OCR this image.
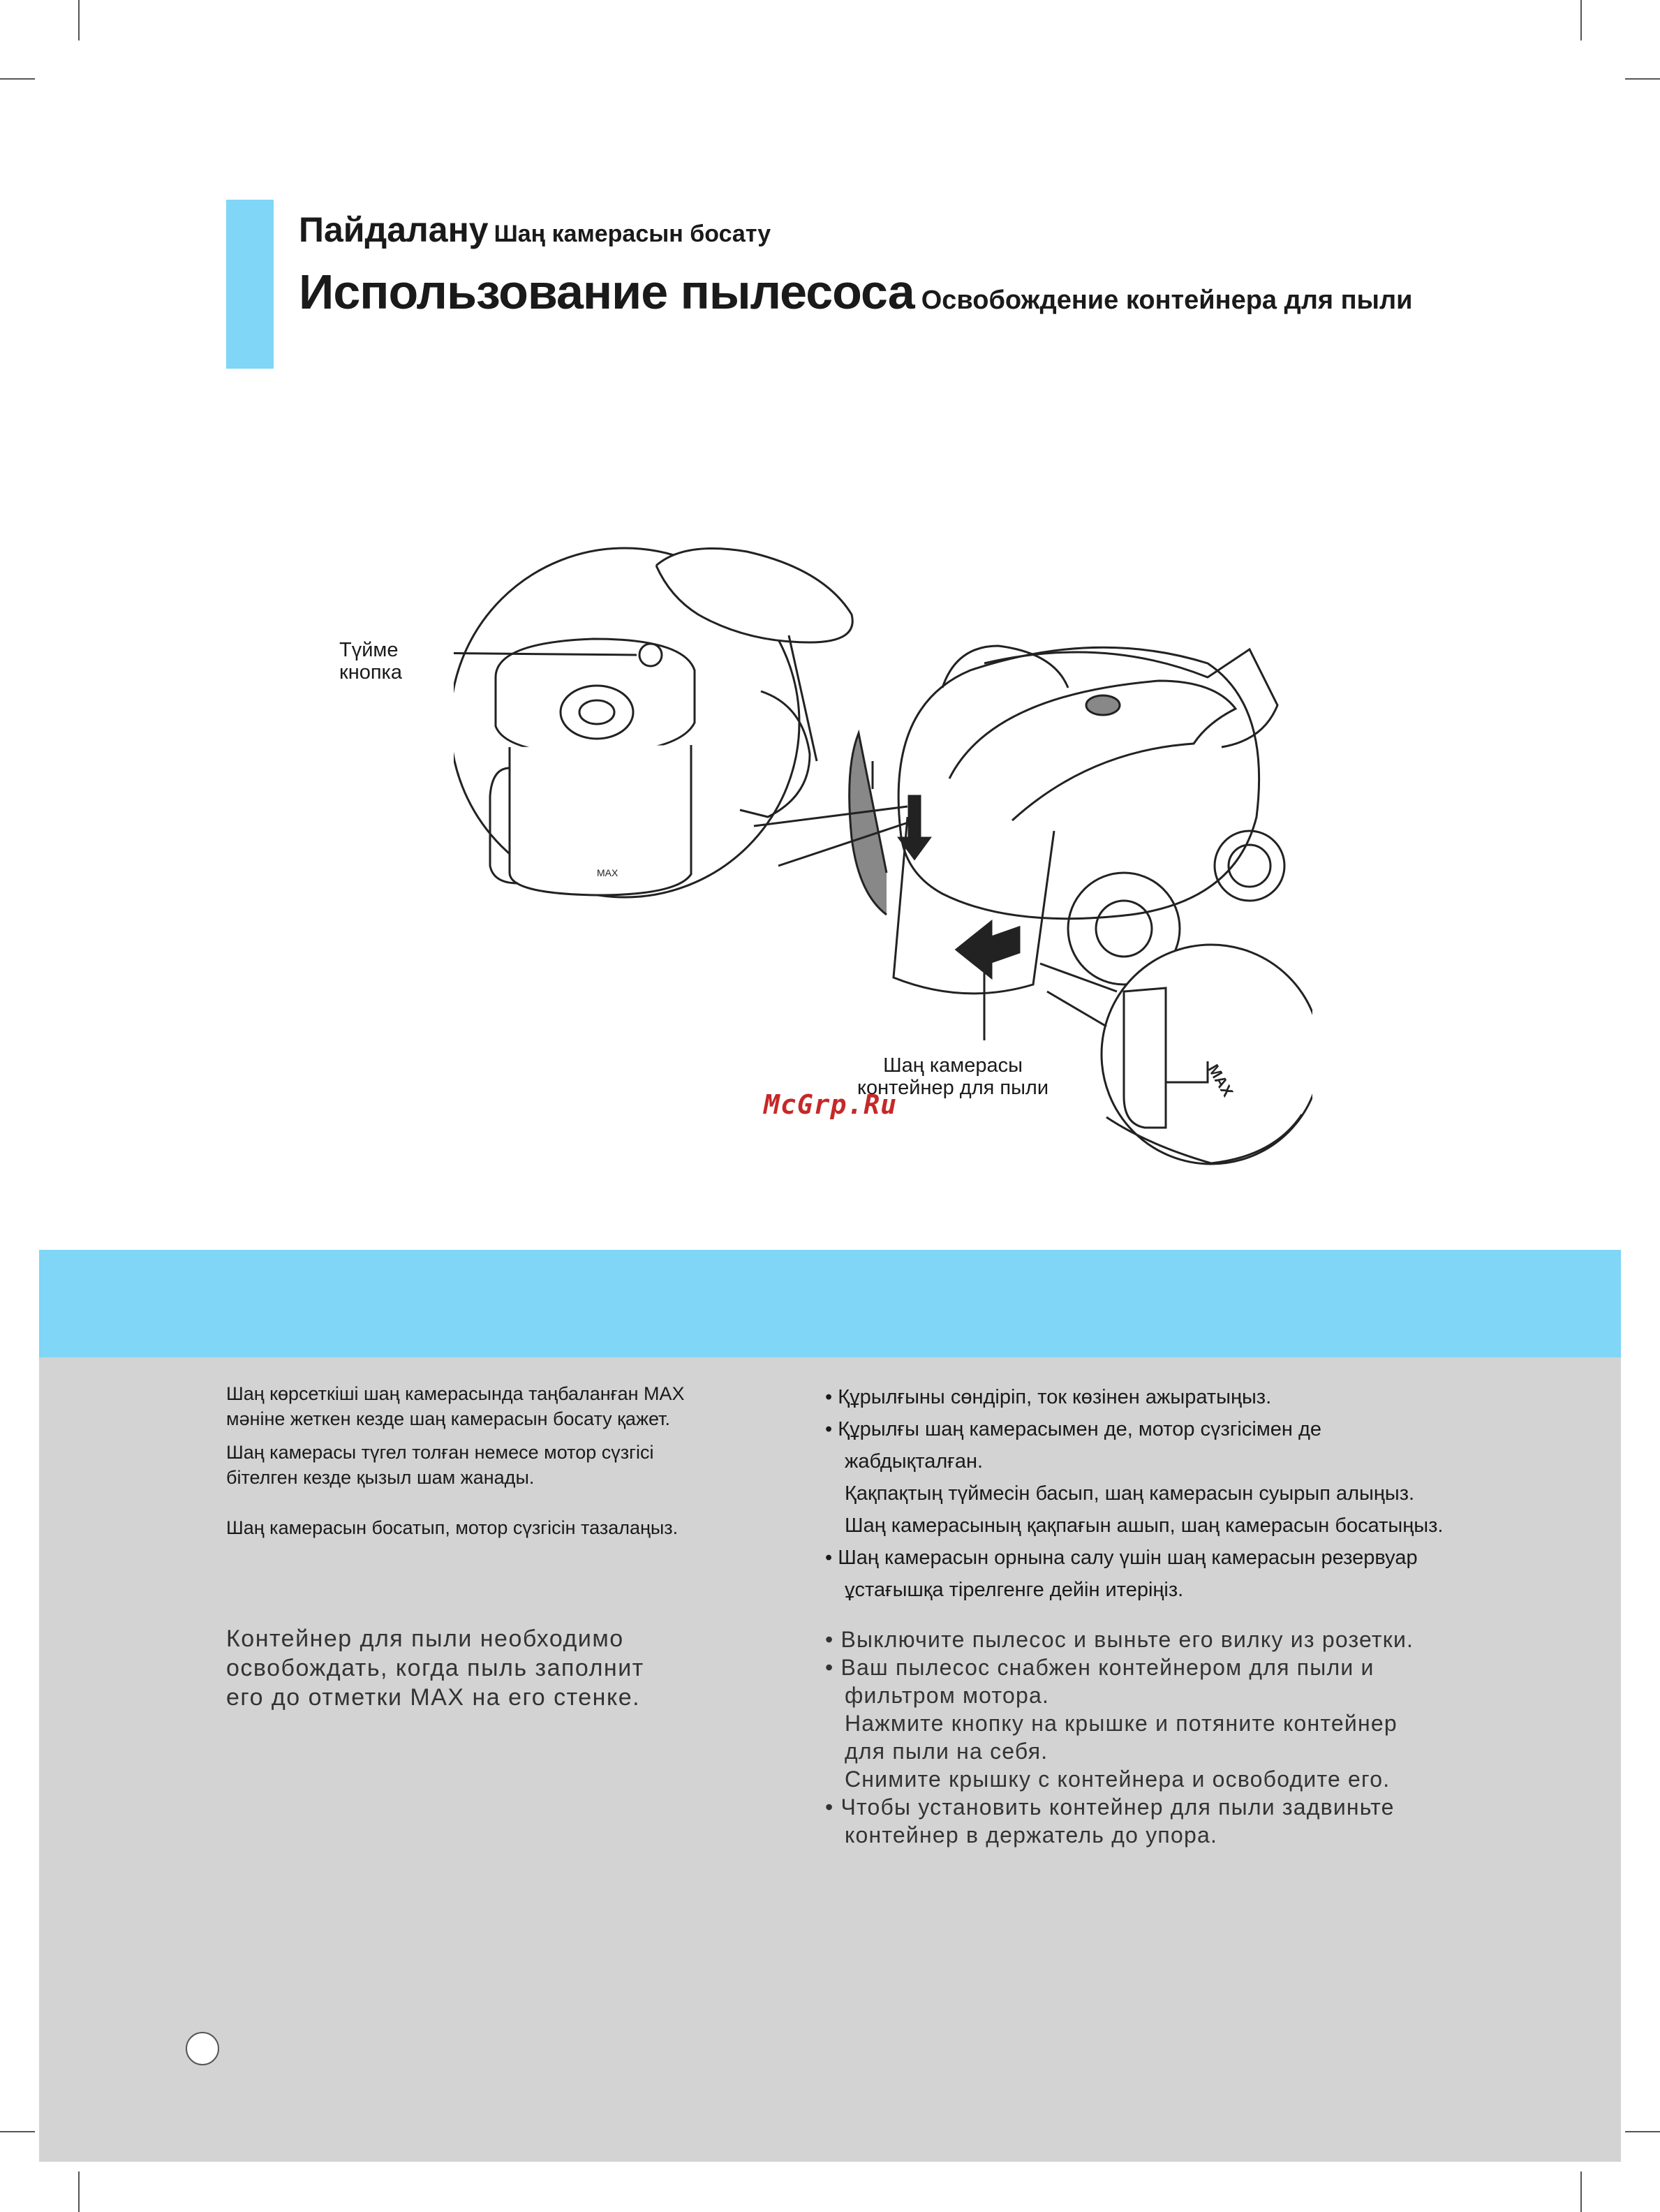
Пайдалану Шаң камерасын босату
Использование пылесоса Освобождение контейнера для пыли
MAX
MAX
Түйме
кнопка
Шаң камерасы
контейнер для пыли
McGrp.Ru
Шаң көрсеткіші шаң камерасында таңбаланған MAX
мәніне жеткен кезде шаң камерасын босату қажет.
Шаң камерасы түгел толған немесе мотор сүзгісі
бітелген кезде қызыл шам жанады.
Шаң камерасын босатып, мотор сүзгісін тазалаңыз.
• Құрылғыны сөндіріп, ток көзінен ажыратыңыз.
• Құрылғы шаң камерасымен де, мотор сүзгісімен де
жабдықталған.
Қақпақтың түймесін басып, шаң камерасын суырып алыңыз.
Шаң камерасының қақпағын ашып, шаң камерасын босатыңыз.
• Шаң камерасын орнына салу үшін шаң камерасын резервуар
ұстағышқа тірелгенге дейін итеріңіз.
Контейнер для пыли необходимо
освобождать, когда пыль заполнит
его до отметки MAX на его стенке.
• Выключите пылесос и выньте его вилку из розетки.
• Ваш пылесос снабжен контейнером для пыли и
фильтром мотора.
Нажмите кнопку на крышке и потяните контейнер
для пыли на себя.
Снимите крышку с контейнера и освободите его.
• Чтобы установить контейнер для пыли задвиньте
контейнер в держатель до упора.
